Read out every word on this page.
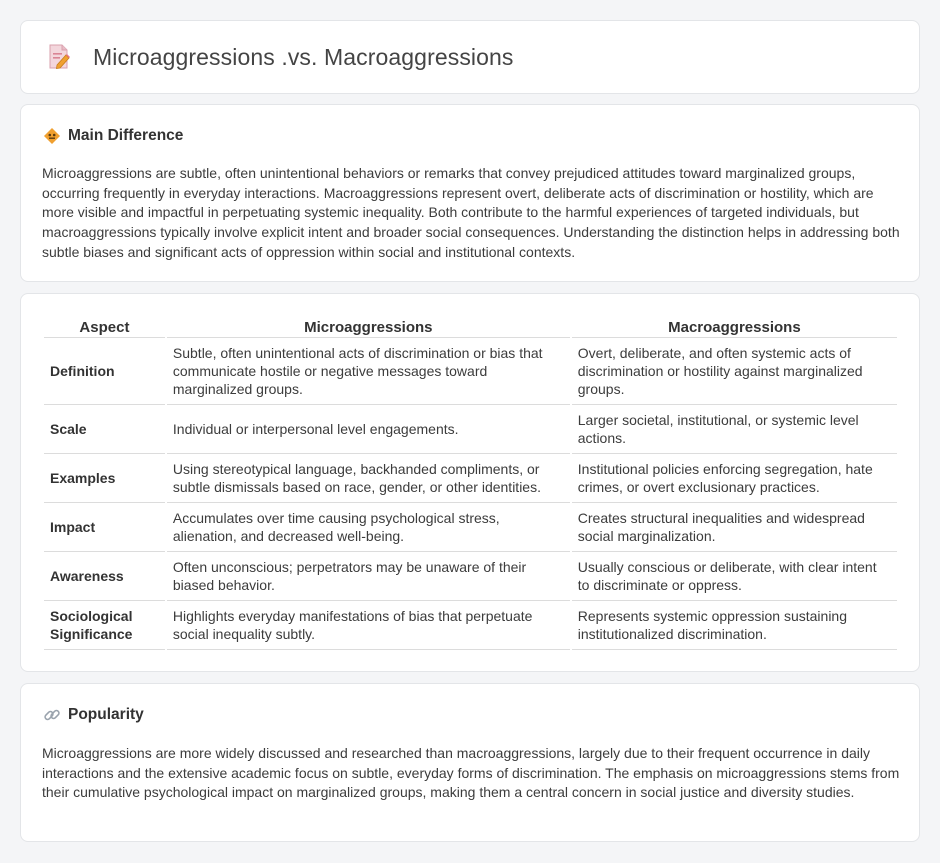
Microaggressions .vs. Macroaggressions
Main Difference

Microaggressions are subtle, often unintentional behaviors or remarks that convey prejudiced attitudes toward marginalized groups, occurring frequently in everyday interactions. Macroaggressions represent overt, deliberate acts of discrimination or hostility, which are more visible and impactful in perpetuating systemic inequality. Both contribute to the harmful experiences of targeted individuals, but macroaggressions typically involve explicit intent and broader social consequences. Understanding the distinction helps in addressing both subtle biases and significant acts of oppression within social and institutional contexts.

Aspect	Microaggressions	Macroaggressions
Definition	Subtle, often unintentional acts of discrimination or bias that communicate hostile or negative messages toward marginalized groups.	Overt, deliberate, and often systemic acts of discrimination or hostility against marginalized groups.
Scale	Individual or interpersonal level engagements.	Larger societal, institutional, or systemic level actions.
Examples	Using stereotypical language, backhanded compliments, or subtle dismissals based on race, gender, or other identities.	Institutional policies enforcing segregation, hate crimes, or overt exclusionary practices.
Impact	Accumulates over time causing psychological stress, alienation, and decreased well-being.	Creates structural inequalities and widespread social marginalization.
Awareness	Often unconscious; perpetrators may be unaware of their biased behavior.	Usually conscious or deliberate, with clear intent to discriminate or oppress.
Sociological Significance	Highlights everyday manifestations of bias that perpetuate social inequality subtly.	Represents systemic oppression sustaining institutionalized discrimination.
Popularity

Microaggressions are more widely discussed and researched than macroaggressions, largely due to their frequent occurrence in daily interactions and the extensive academic focus on subtle, everyday forms of discrimination. The emphasis on microaggressions stems from their cumulative psychological impact on marginalized groups, making them a central concern in social justice and diversity studies.
